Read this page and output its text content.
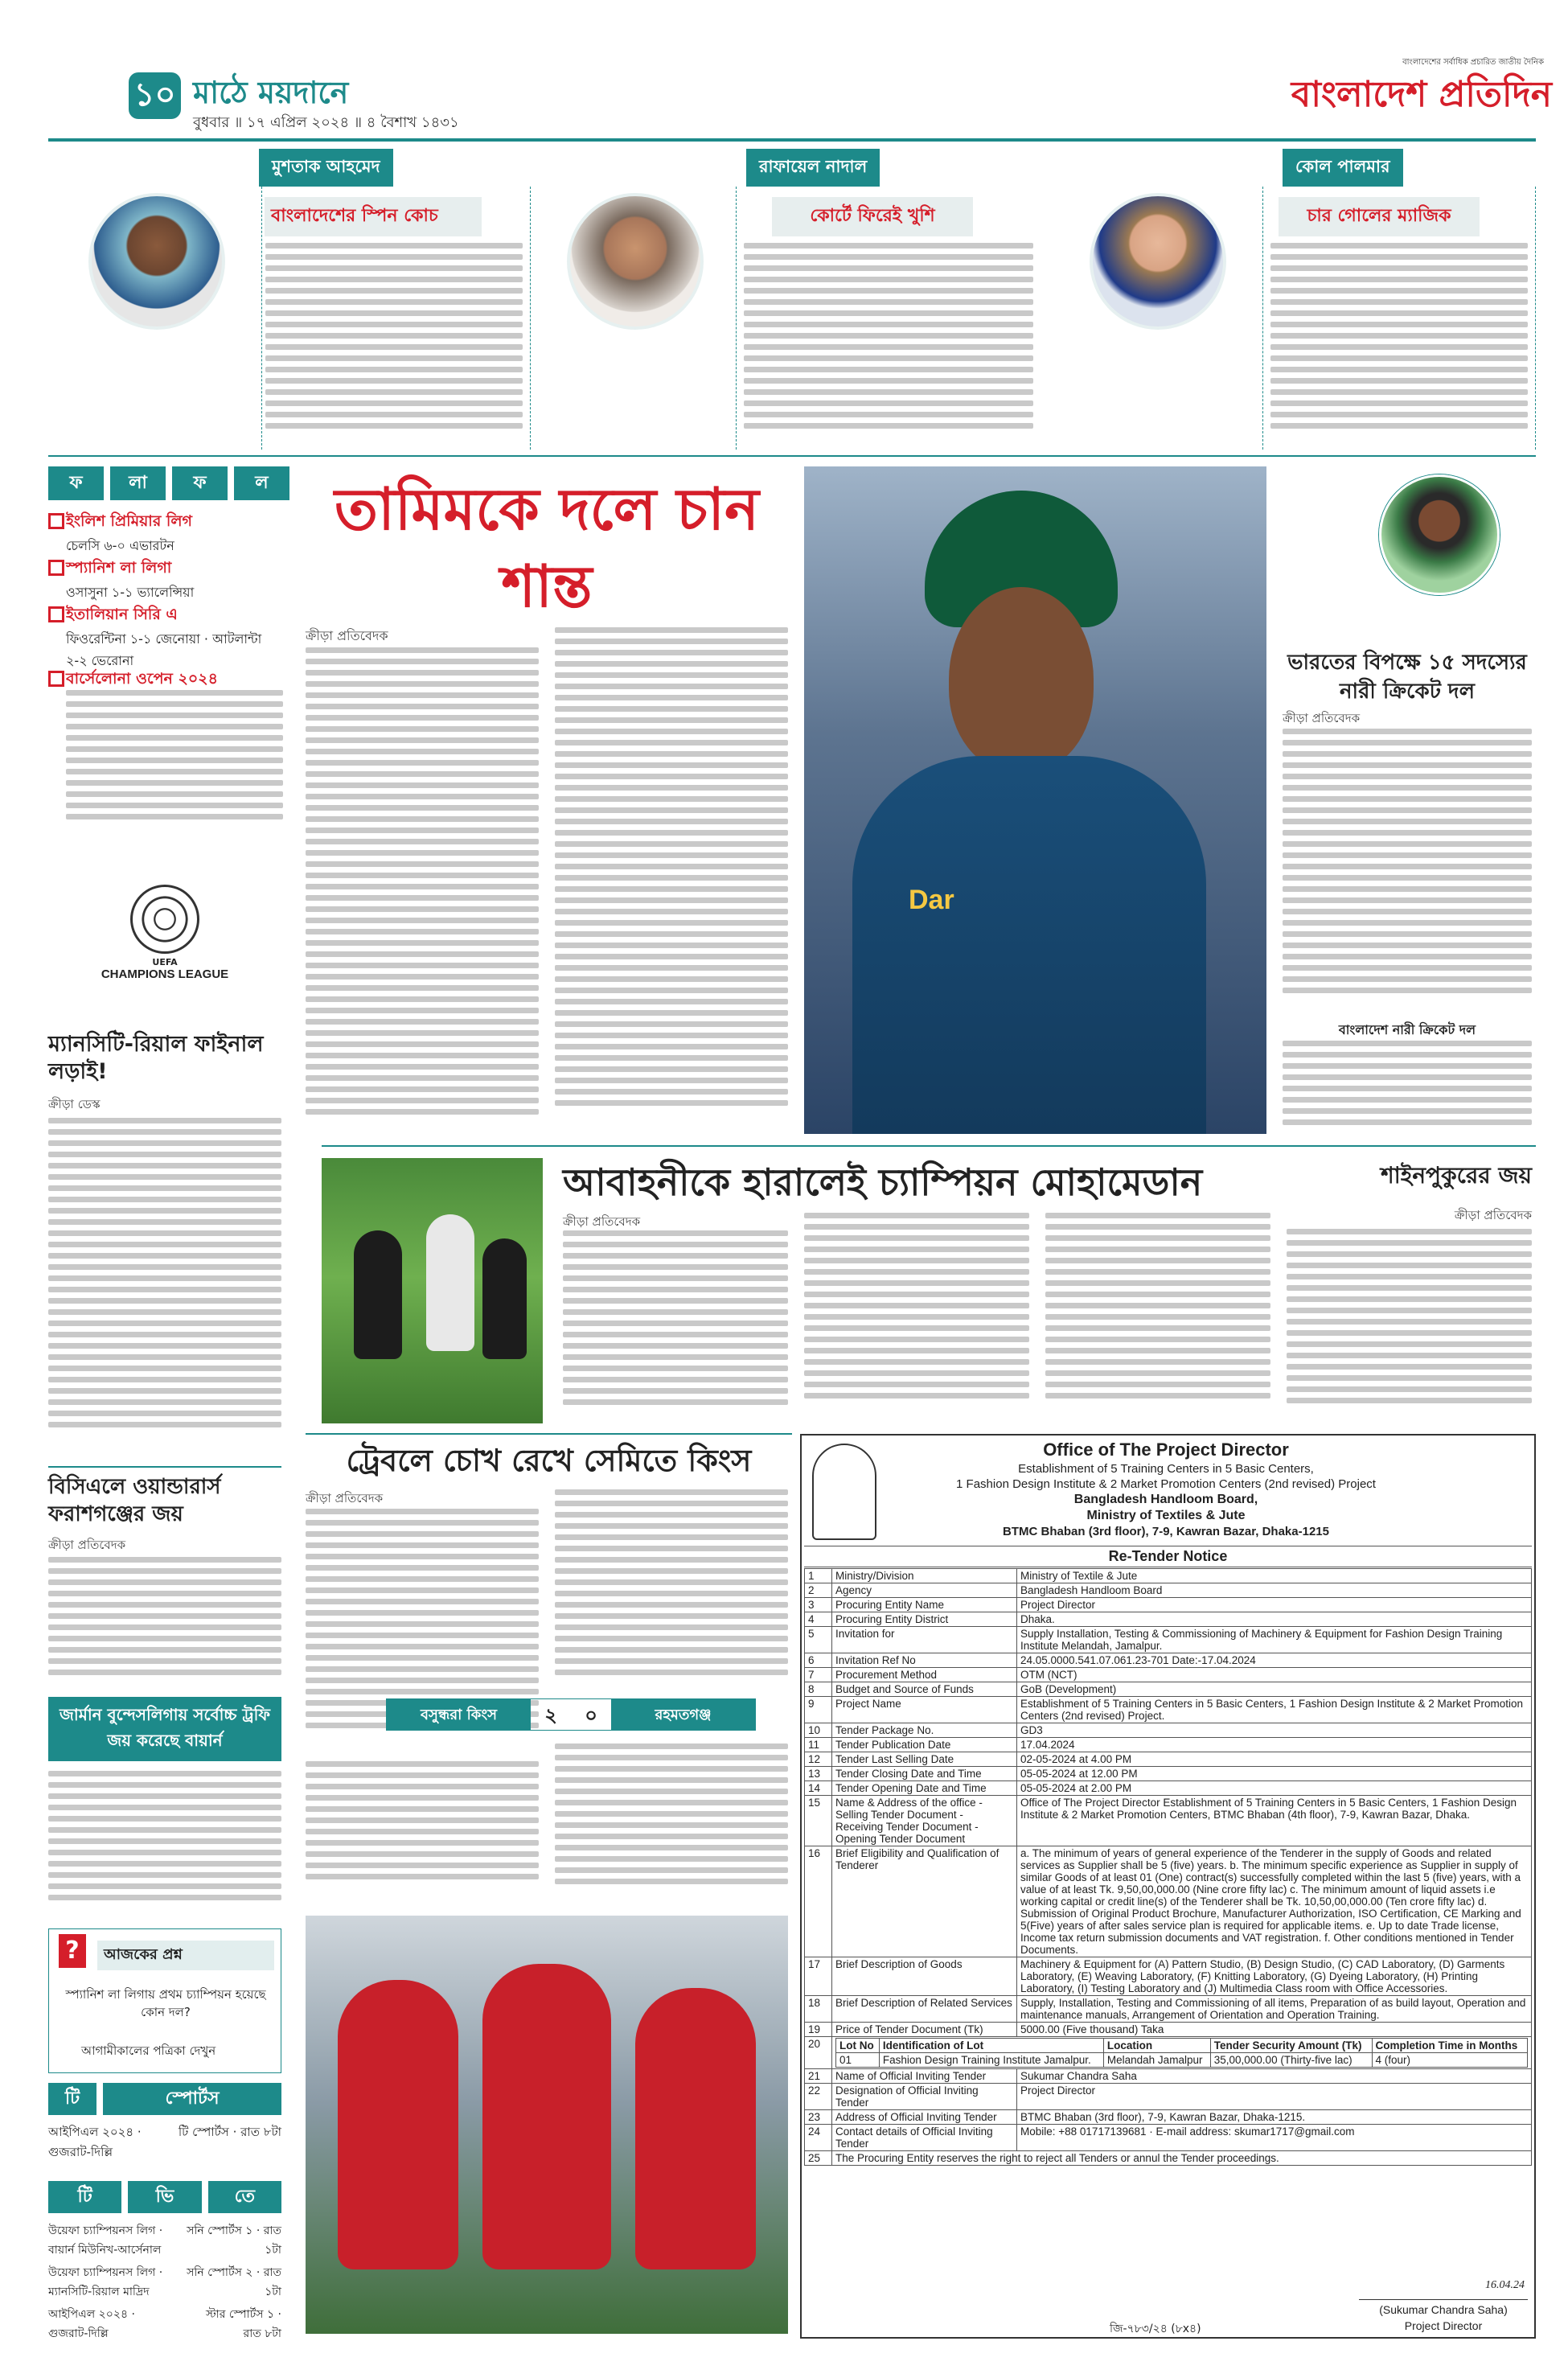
১০ মাঠে ময়দানে
বুধবার ॥ ১৭ এপ্রিল ২০২৪ ॥ ৪ বৈশাখ ১৪৩১
বাংলাদেশের সর্বাধিক প্রচারিত জাতীয় দৈনিক
বাংলাদেশ প্রতিদিন
মুশতাক আহমেদ
বাংলাদেশের স্পিন কোচ
রাফায়েল নাদাল
কোর্টে ফিরেই খুশি
কোল পালমার
চার গোলের ম্যাজিক
ফ	লা	ফ	ল
ইংলিশ প্রিমিয়ার লিগ
চেলসি ৬-০ এভারটন
স্প্যানিশ লা লিগা
ওসাসুনা ১-১ ভ্যালেন্সিয়া
ইতালিয়ান সিরি এ
ফিওরেন্টিনা ১-১ জেনোয়া · আটলান্টা ২-২ ভেরোনা
বার্সেলোনা ওপেন ২০২৪
UEFA
CHAMPIONS LEAGUE
ম্যানসিটি-রিয়াল ফাইনাল লড়াই!
ক্রীড়া ডেস্ক
বিসিএলে ওয়ান্ডারার্স ফরাশগঞ্জের জয়
ক্রীড়া প্রতিবেদক
জার্মান বুন্দেসলিগায় সর্বোচ্চ ট্রফি জয় করেছে বায়ার্ন
?	আজকের প্রশ্ন
স্প্যানিশ লা লিগায় প্রথম চ্যাম্পিয়ন হয়েছে কোন দল?
আগামীকালের পত্রিকা দেখুন
টি	স্পোর্টস
আইপিএল ২০২৪ · গুজরাট-দিল্লি
টি স্পোর্টস · রাত ৮টা
টি	ভি	তে
উয়েফা চ্যাম্পিয়নস লিগ · বায়ার্ন মিউনিখ-আর্সেনাল
সনি স্পোর্টস ১ · রাত ১টা
উয়েফা চ্যাম্পিয়নস লিগ · ম্যানসিটি-রিয়াল মাদ্রিদ
সনি স্পোর্টস ২ · রাত ১টা
আইপিএল ২০২৪ · গুজরাট-দিল্লি
স্টার স্পোর্টস ১ · রাত ৮টা
তামিমকে দলে চান শান্ত
ক্রীড়া প্রতিবেদক
Dar
ভারতের বিপক্ষে ১৫ সদস্যের নারী ক্রিকেট দল
ক্রীড়া প্রতিবেদক
বাংলাদেশ নারী ক্রিকেট দল
আবাহনীকে হারালেই চ্যাম্পিয়ন মোহামেডান
ক্রীড়া প্রতিবেদক
শাইনপুকুরের জয়
ক্রীড়া প্রতিবেদক
ট্রেবলে চোখ রেখে সেমিতে কিংস
ক্রীড়া প্রতিবেদক
বসুন্ধরা কিংস	২	০	রহমতগঞ্জ
Office of The Project Director
Establishment of 5 Training Centers in 5 Basic Centers,
1 Fashion Design Institute & 2 Market Promotion Centers (2nd revised) Project
Bangladesh Handloom Board,
Ministry of Textiles & Jute
BTMC Bhaban (3rd floor), 7-9, Kawran Bazar, Dhaka-1215
Re-Tender Notice
1	Ministry/Division	Ministry of Textile & Jute
2	Agency	Bangladesh Handloom Board
3	Procuring Entity Name	Project Director
4	Procuring Entity District	Dhaka.
5	Invitation for	Supply Installation, Testing & Commissioning of Machinery & Equipment for Fashion Design Training Institute Melandah, Jamalpur.
6	Invitation Ref No	24.05.0000.541.07.061.23-701 Date:-17.04.2024
7	Procurement Method	OTM (NCT)
8	Budget and Source of Funds	GoB (Development)
9	Project Name	Establishment of 5 Training Centers in 5 Basic Centers, 1 Fashion Design Institute & 2 Market Promotion Centers (2nd revised) Project.
10	Tender Package No.	GD3
11	Tender Publication Date	17.04.2024
12	Tender Last Selling Date	02-05-2024 at 4.00 PM
13	Tender Closing Date and Time	05-05-2024 at 12.00 PM
14	Tender Opening Date and Time	05-05-2024 at 2.00 PM
15	Name & Address of the office - Selling Tender Document - Receiving Tender Document - Opening Tender Document	Office of The Project Director Establishment of 5 Training Centers in 5 Basic Centers, 1 Fashion Design Institute & 2 Market Promotion Centers, BTMC Bhaban (4th floor), 7-9, Kawran Bazar, Dhaka.
16	Brief Eligibility and Qualification of Tenderer	a. The minimum of years of general experience of the Tenderer in the supply of Goods and related services as Supplier shall be 5 (five) years. b. The minimum specific experience as Supplier in supply of similar Goods of at least 01 (One) contract(s) successfully completed within the last 5 (five) years, with a value of at least Tk. 9,50,00,000.00 (Nine crore fifty lac) c. The minimum amount of liquid assets i.e working capital or credit line(s) of the Tenderer shall be Tk. 10,50,00,000.00 (Ten crore fifty lac) d. Submission of Original Product Brochure, Manufacturer Authorization, ISO Certification, CE Marking and 5(Five) years of after sales service plan is required for applicable items. e. Up to date Trade license, Income tax return submission documents and VAT registration. f. Other conditions mentioned in Tender Documents.
17	Brief Description of Goods	Machinery & Equipment for (A) Pattern Studio, (B) Design Studio, (C) CAD Laboratory, (D) Garments Laboratory, (E) Weaving Laboratory, (F) Knitting Laboratory, (G) Dyeing Laboratory, (H) Printing Laboratory, (I) Testing Laboratory and (J) Multimedia Class room with Office Accessories.
18	Brief Description of Related Services	Supply, Installation, Testing and Commissioning of all items, Preparation of as build layout, Operation and maintenance manuals, Arrangement of Orientation and Operation Training.
19	Price of Tender Document (Tk)	5000.00 (Five thousand) Taka
20	Lot No	Identification of Lot	Location	Tender Security Amount (Tk)	Completion Time in Months
01	Fashion Design Training Institute Jamalpur.	Melandah Jamalpur	35,00,000.00 (Thirty-five lac)	4 (four)

21	Name of Official Inviting Tender	Sukumar Chandra Saha
22	Designation of Official Inviting Tender	Project Director
23	Address of Official Inviting Tender	BTMC Bhaban (3rd floor), 7-9, Kawran Bazar, Dhaka-1215.
24	Contact details of Official Inviting Tender	Mobile: +88 01717139681 · E-mail address: skumar1717@gmail.com
25	The Procuring Entity reserves the right to reject all Tenders or annul the Tender proceedings.
16.04.24
(Sukumar Chandra Saha)
Project Director
জি-৭৮৩/২৪ (৮x৪)
